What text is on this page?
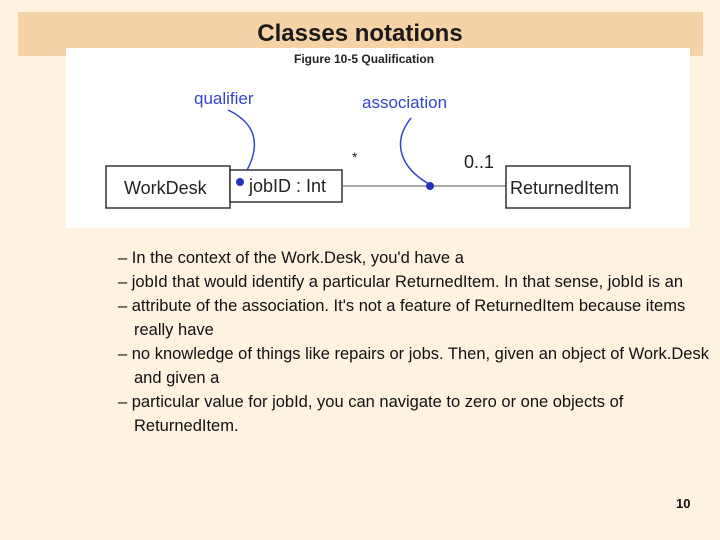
Classes notations
Figure 10-5 Qualification
qualifier	association
WorkDesk jobID : Int	ReturnedItem
*	0..1
– In the context of the Work.Desk, you'd have a
– jobId that would identify a particular ReturnedItem. In that sense, jobId is an
– attribute of the association. It's not a feature of ReturnedItem because items really have
– no knowledge of things like repairs or jobs. Then, given an object of Work.Desk and given a
– particular value for jobId, you can navigate to zero or one objects of ReturnedItem.
10
